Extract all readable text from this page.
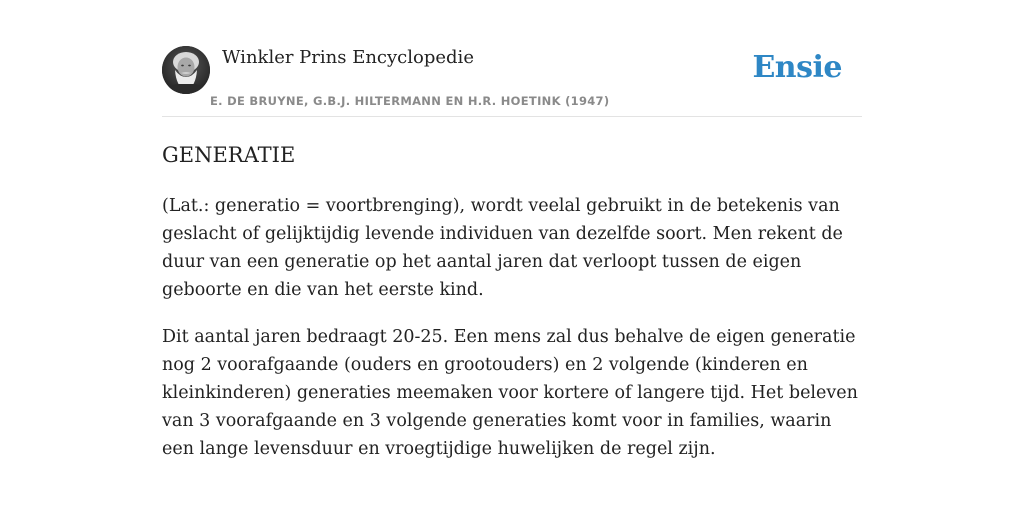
Winkler Prins Encyclopedie
E. DE BRUYNE, G.B.J. HILTERMANN EN H.R. HOETINK (1947)
Ensie
GENERATIE

(Lat.: generatio = voortbrenging), wordt veelal gebruikt in de betekenis van geslacht of gelijktijdig levende individuen van dezelfde soort. Men rekent de duur van een generatie op het aantal jaren dat verloopt tussen de eigen geboorte en die van het eerste kind.

Dit aantal jaren bedraagt 20-25. Een mens zal dus behalve de eigen generatie nog 2 voorafgaande (ouders en grootouders) en 2 volgende (kinderen en kleinkinderen) generaties meemaken voor kortere of langere tijd. Het beleven van 3 voorafgaande en 3 volgende generaties komt voor in families, waarin een lange levensduur en vroegtijdige huwelijken de regel zijn.
